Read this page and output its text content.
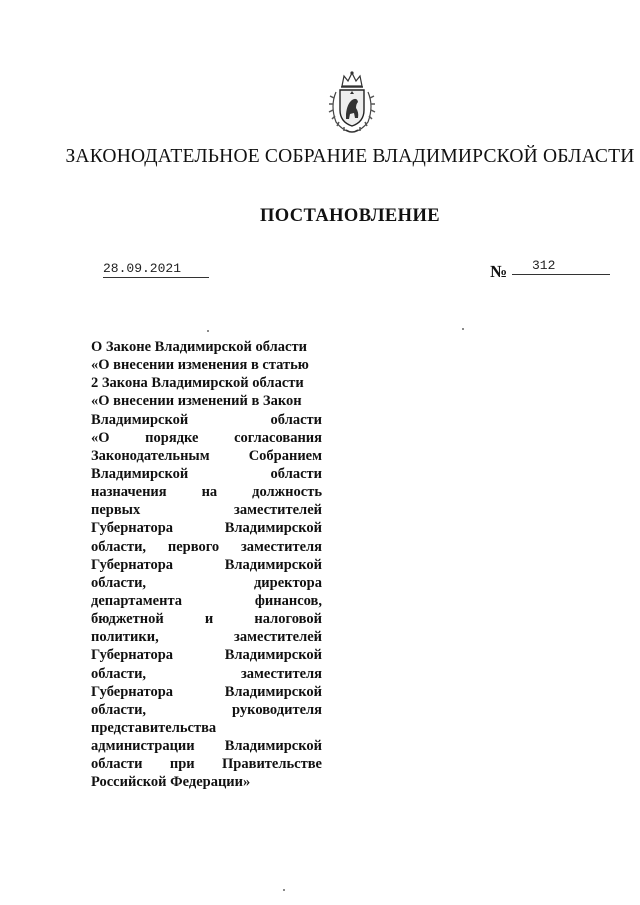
ЗАКОНОДАТЕЛЬНОЕ СОБРАНИЕ ВЛАДИМИРСКОЙ ОБЛАСТИ
ПОСТАНОВЛЕНИЕ
28.09.2021	№ 312
О Законе Владимирской области
«О внесении изменения в статью
2 Закона Владимирской области
«О внесении изменений в Закон
Владимирской области
«О порядке согласования
Законодательным Собранием
Владимирской области
назначения на должность
первых заместителей
Губернатора Владимирской
области, первого заместителя
Губернатора Владимирской
области, директора
департамента финансов,
бюджетной и налоговой
политики, заместителей
Губернатора Владимирской
области, заместителя
Губернатора Владимирской
области, руководителя
представительства
администрации Владимирской
области при Правительстве
Российской Федерации»
